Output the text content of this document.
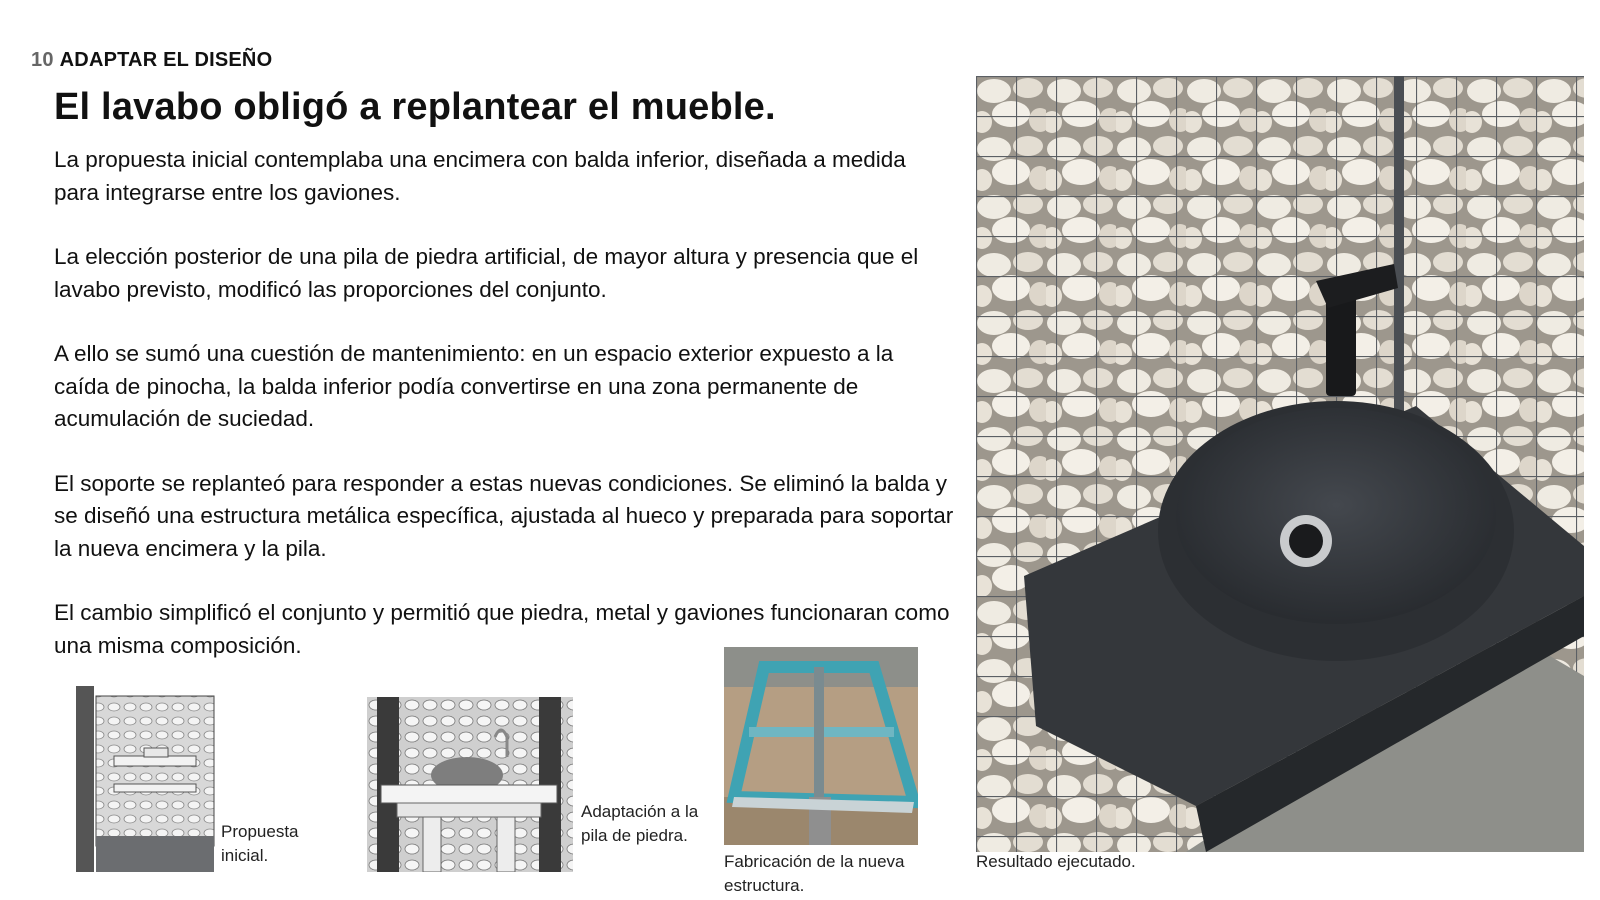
10 ADAPTAR EL DISEÑO
El lavabo obligó a replantear el mueble.

La propuesta inicial contemplaba una encimera con balda inferior, diseñada a medida para integrarse entre los gaviones.

La elección posterior de una pila de piedra artificial, de mayor altura y presencia que el lavabo previsto, modificó las proporciones del conjunto.

A ello se sumó una cuestión de mantenimiento: en un espacio exterior expuesto a la caída de pinocha, la balda inferior podía convertirse en una zona permanente de acumulación de suciedad.

El soporte se replanteó para responder a estas nuevas condiciones. Se eliminó la balda y se diseñó una estructura metálica específica, ajustada al hueco y preparada para soportar la nueva encimera y la pila.

El cambio simplificó el conjunto y permitió que piedra, metal y gaviones funcionaran como una misma composición.

Propuesta inicial.
Adaptación a la pila de piedra.
Fabricación de la nueva estructura.
Resultado ejecutado.
